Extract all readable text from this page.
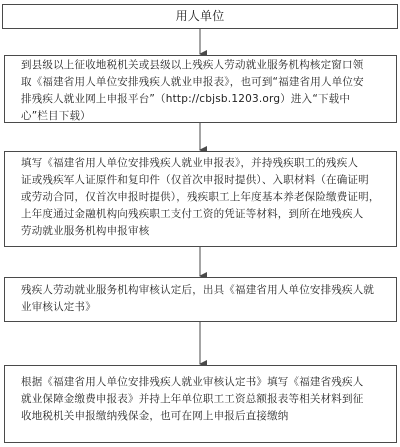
用人单位

到县级以上征收地税机关或县级以上残疾人劳动就业服务机构核定窗口领
取《福建省用人单位安排残疾人就业申报表》，也可到“福建省用人单位安
排残疾人就业网上申报平台”（http://cbjsb.1203.org）进入“下载中
心”栏目下载）

填写《福建省用人单位安排残疾人就业申报表》，并持残疾职工的残疾人
证或残疾军人证原件和复印件（仅首次申报时提供）、入职材料（在确证明
或劳动合同，仅首次申报时提供），残疾职工上年度基本养老保险缴费证明，
上年度通过金融机构向残疾职工支付工资的凭证等材料，到所在地残疾人
劳动就业服务机构申报审核

残疾人劳动就业服务机构审核认定后，出具《福建省用人单位安排残疾人就
业审核认定书》

根据《福建省用人单位安排残疾人就业审核认定书》填写《福建省残疾人
就业保障金缴费申报表》并持上年单位职工工资总额报表等相关材料到征
收地税机关申报缴纳残保金，也可在网上申报后直接缴纳
